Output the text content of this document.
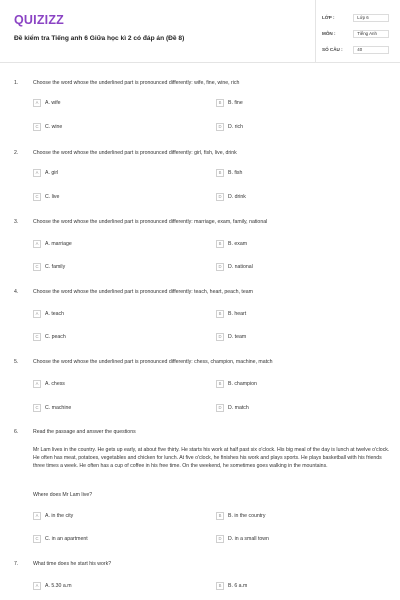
QUIZIZZ
Đề kiểm tra Tiếng anh 6 Giữa học kì 2 có đáp án (Đề 8)
LỚP :	Lớp 6
MÔN :	Tiếng Anh
SỐ CÂU :	40
1.	Choose the word whose the underlined part is pronounced differently: wife, fine, wine, rich
A A. wife	B B. fine
C C. wine	D D. rich
2.	Choose the word whose the underlined part is pronounced differently: girl, fish, live, drink
A A. girl	B B. fish
C C. live	D D. drink
3.	Choose the word whose the underlined part is pronounced differently: marriage, exam, family, national
A A. marriage	B B. exam
C C. family	D D. national
4.	Choose the word whose the underlined part is pronounced differently: teach, heart, peach, team
A A. teach	B B. heart
C C. peach	D D. team
5.	Choose the word whose the underlined part is pronounced differently: chess, champion, machine, match
A A. chess	B B. champion
C C. machine	D D. match
6.	Read the passage and answer the questions
Mr Lam lives in the country. He gets up early, at about five thirty. He starts his work at half past six o'clock. His big meal of the day is lunch at twelve o'clock. He often has meat, potatoes, vegetables and chicken for lunch. At five o'clock, he finishes his work and plays sports. He plays basketball with his friends three times a week. He often has a cup of coffee in his free time. On the weekend, he sometimes goes walking in the mountains.
Where does Mr Lam live?
A A. in the city	B B. in the country
C C. in an apartment	D D. in a small town
7.	What time does he start his work?
A A. 5.30 a.m	B B. 6 a.m
